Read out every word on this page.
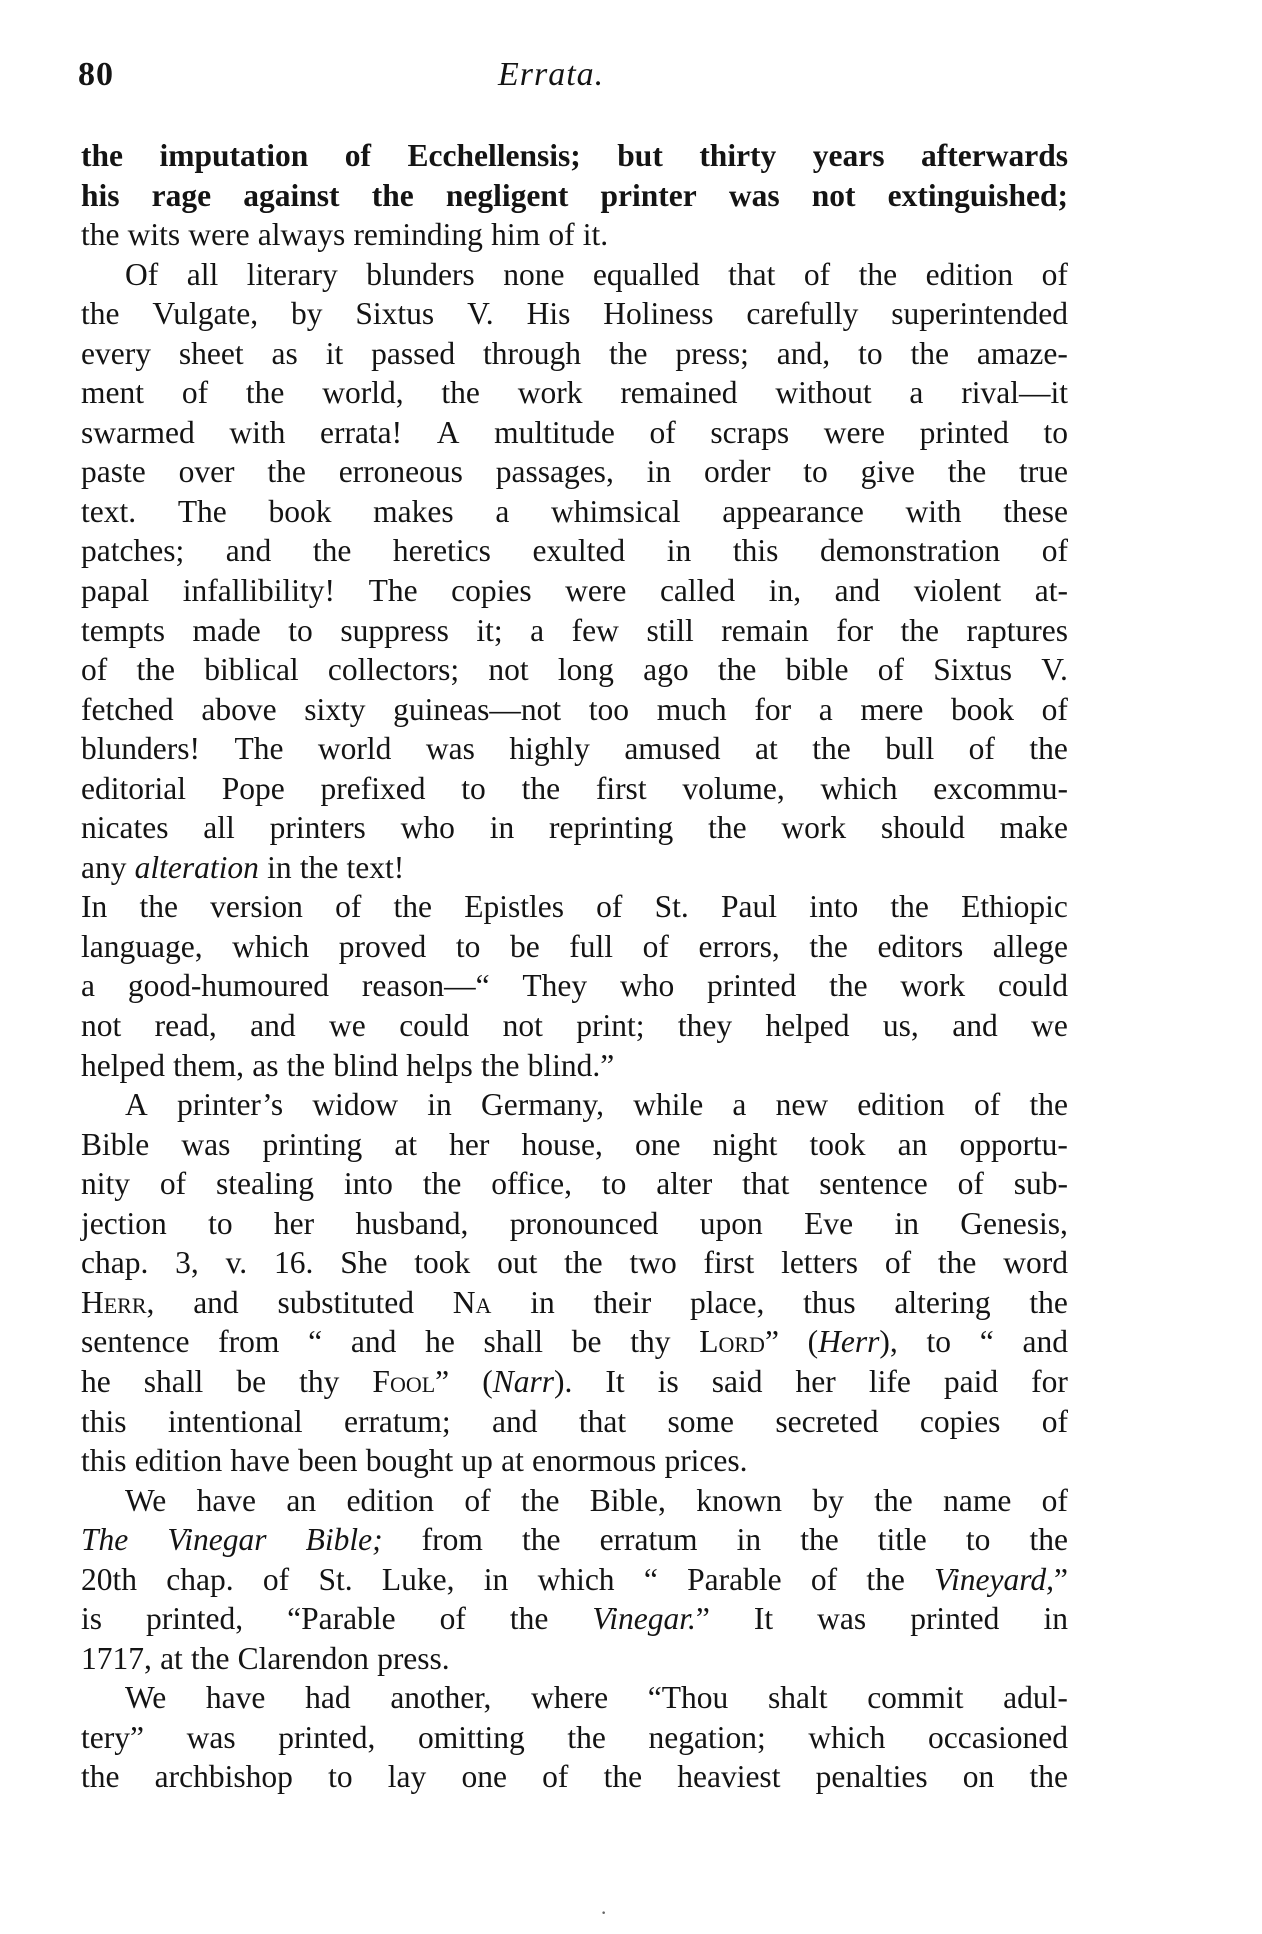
80	Errata.
the imputation of Ecchellensis; but thirty years afterwards
his rage against the negligent printer was not extinguished;
the wits were always reminding him of it.
Of all literary blunders none equalled that of the edition of
the Vulgate, by Sixtus V. His Holiness carefully superintended
every sheet as it passed through the press; and, to the amaze-
ment of the world, the work remained without a rival—it
swarmed with errata! A multitude of scraps were printed to
paste over the erroneous passages, in order to give the true
text. The book makes a whimsical appearance with these
patches; and the heretics exulted in this demonstration of
papal infallibility! The copies were called in, and violent at-
tempts made to suppress it; a few still remain for the raptures
of the biblical collectors; not long ago the bible of Sixtus V.
fetched above sixty guineas—not too much for a mere book of
blunders! The world was highly amused at the bull of the
editorial Pope prefixed to the first volume, which excommu-
nicates all printers who in reprinting the work should make
any alteration in the text!
In the version of the Epistles of St. Paul into the Ethiopic
language, which proved to be full of errors, the editors allege
a good-humoured reason—“ They who printed the work could
not read, and we could not print; they helped us, and we
helped them, as the blind helps the blind.”
A printer’s widow in Germany, while a new edition of the
Bible was printing at her house, one night took an opportu-
nity of stealing into the office, to alter that sentence of sub-
jection to her husband, pronounced upon Eve in Genesis,
chap. 3, v. 16. She took out the two first letters of the word
Herr, and substituted Na in their place, thus altering the
sentence from “ and he shall be thy Lord” (Herr), to “ and
he shall be thy Fool” (Narr). It is said her life paid for
this intentional erratum; and that some secreted copies of
this edition have been bought up at enormous prices.
We have an edition of the Bible, known by the name of
The Vinegar Bible; from the erratum in the title to the
20th chap. of St. Luke, in which “ Parable of the Vineyard,”
is printed, “Parable of the Vinegar.” It was printed in
1717, at the Clarendon press.
We have had another, where “Thou shalt commit adul-
tery” was printed, omitting the negation; which occasioned
the archbishop to lay one of the heaviest penalties on the
·
